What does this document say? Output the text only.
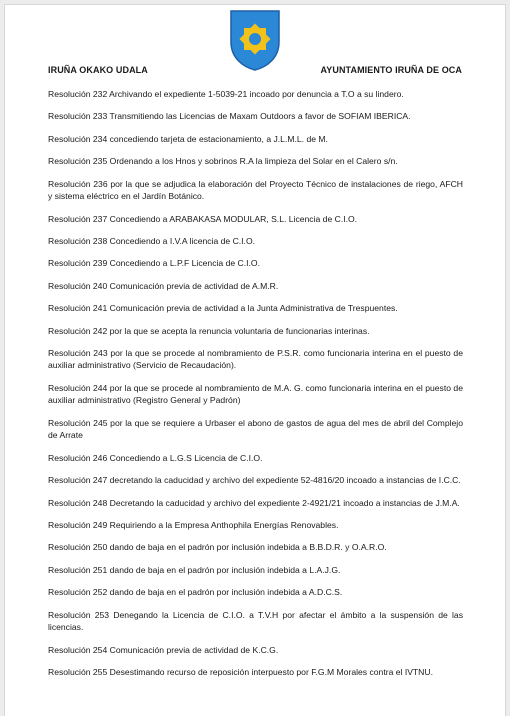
IRUÑA OKAKO UDALA	AYUNTAMIENTO IRUÑA DE OCA

Resolución 232 Archivando el expediente 1-5039-21 incoado por denuncia a T.O a su lindero.

Resolución 233 Transmitiendo las Licencias de Maxam Outdoors a favor de SOFIAM IBERICA.

Resolución 234 concediendo tarjeta de estacionamiento, a J.L.M.L. de M.

Resolución 235 Ordenando a los Hnos y sobrinos R.A la limpieza del Solar en el Calero s/n.

Resolución 236 por la que se adjudica la elaboración del Proyecto Técnico de instalaciones de riego, AFCH y sistema eléctrico en el Jardín Botánico.

Resolución 237 Concediendo a ARABAKASA MODULAR, S.L. Licencia de C.I.O.

Resolución 238 Concediendo a I.V.A licencia de C.I.O.

Resolución 239 Concediendo a L.P.F Licencia de C.I.O.

Resolución 240 Comunicación previa de actividad de A.M.R.

Resolución 241 Comunicación previa de actividad a la Junta Administrativa de Trespuentes.

Resolución 242 por la que se acepta la renuncia voluntaria de funcionarias interinas.

Resolución 243 por la que se procede al nombramiento de P.S.R. como funcionaria interina en el puesto de auxiliar administrativo (Servicio de Recaudación).

Resolución 244 por la que se procede al nombramiento de M.A. G. como funcionaria interina en el puesto de auxiliar administrativo (Registro General y Padrón)

Resolución 245 por la que se requiere a Urbaser el abono de gastos de agua del mes de abril del Complejo de Arrate

Resolución 246 Concediendo a L.G.S Licencia de C.I.O.

Resolución 247 decretando la caducidad y archivo del expediente 52-4816/20 incoado a instancias de I.C.C.

Resolución 248 Decretando la caducidad y archivo del expediente 2-4921/21 incoado a instancias de J.M.A.

Resolución 249 Requiriendo a la Empresa Anthophila Energías Renovables.

Resolución 250 dando de baja en el padrón por inclusión indebida a B.B.D.R. y O.A.R.O.

Resolución 251 dando de baja en el padrón por inclusión indebida a L.A.J.G.

Resolución 252 dando de baja en el padrón por inclusión indebida a A.D.C.S.

Resolución 253 Denegando la Licencia de C.I.O. a T.V.H por afectar el ámbito a la suspensión de las licencias.

Resolución 254 Comunicación previa de actividad de K.C.G.

Resolución 255 Desestimando recurso de reposición interpuesto por F.G.M Morales contra el IVTNU.
